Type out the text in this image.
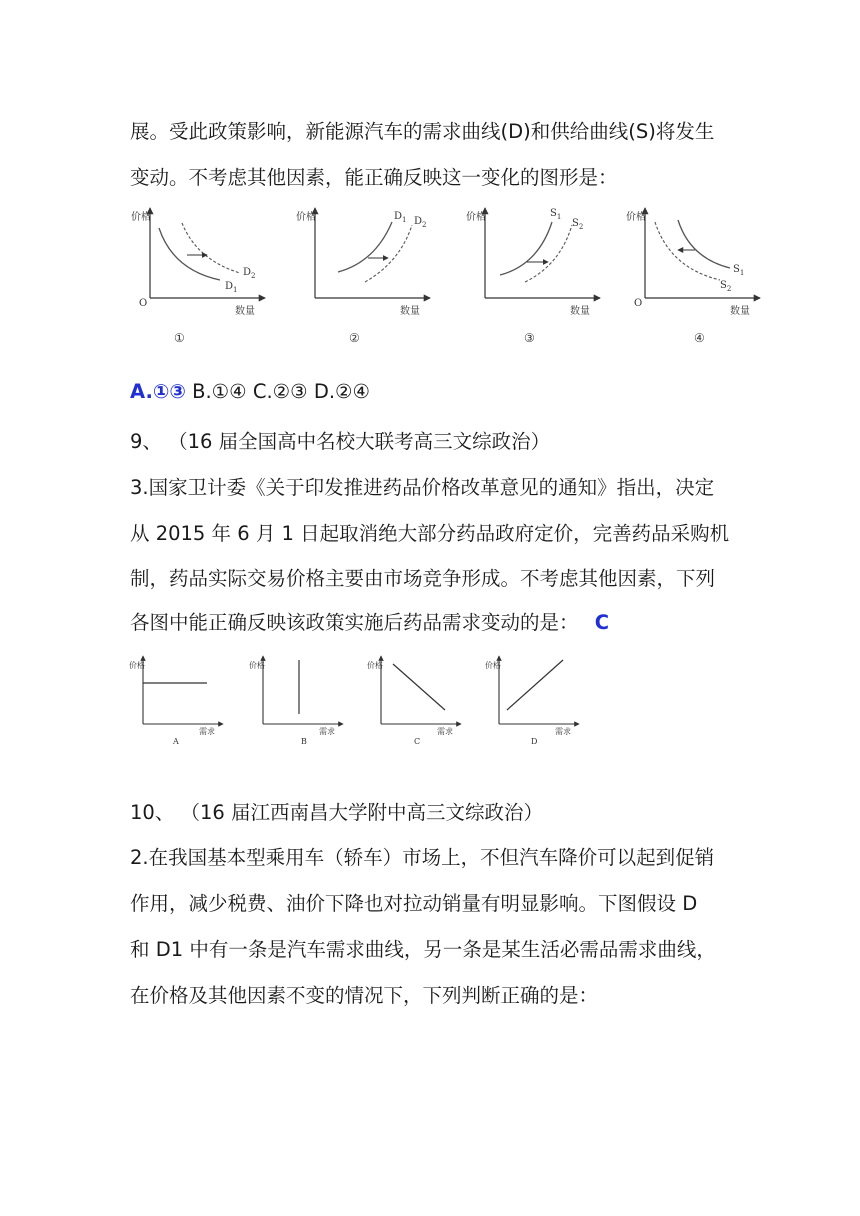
展。受此政策影响，新能源汽车的需求曲线(D)和供给曲线(S)将发生
变动。不考虑其他因素，能正确反映这一变化的图形是：
价格
O
数量
$D_2$
$D_1$
①
价格
数量
$D_1$ $D_2$
②
价格
数量
$S_1$
$S_2$
③
价格
O
数量
$S_1$
$S_2$
④
A.①③ B.①④ C.②③ D.②④
9、 （16 届全国高中名校大联考高三文综政治）
3.国家卫计委《关于印发推进药品价格改革意见的通知》指出，决定
从 2015 年 6 月 1 日起取消绝大部分药品政府定价，完善药品采购机
制，药品实际交易价格主要由市场竞争形成。不考虑其他因素，下列
各图中能正确反映该政策实施后药品需求变动的是： C
价格
需求
A
价格
需求
B
价格
需求
C
价格
需求
D
10、 （16 届江西南昌大学附中高三文综政治）
2.在我国基本型乘用车（轿车）市场上，不但汽车降价可以起到促销
作用，减少税费、油价下降也对拉动销量有明显影响。下图假设 D
和 D1 中有一条是汽车需求曲线，另一条是某生活必需品需求曲线，
在价格及其他因素不变的情况下，下列判断正确的是：
